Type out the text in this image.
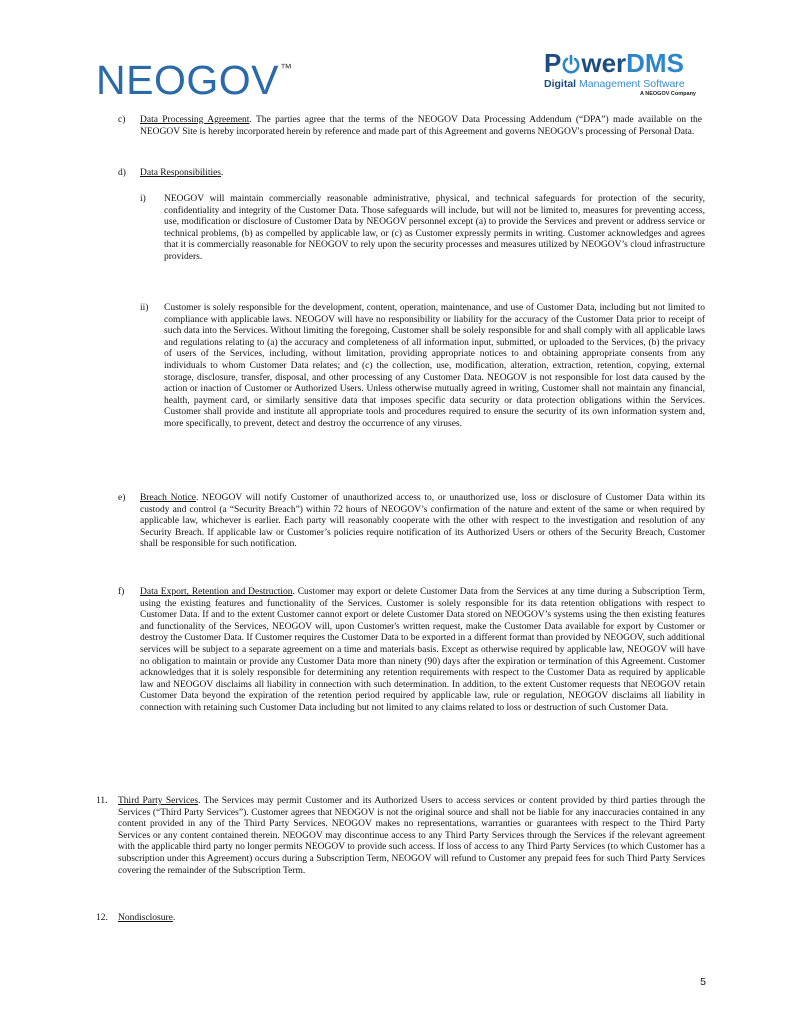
NEOGOV™	P werDMS
Digital Management Software
A NEOGOV Company
c) Data Processing Agreement. The parties agree that the terms of the NEOGOV Data Processing Addendum (“DPA”) made available on the NEOGOV Site is hereby incorporated herein by reference and made part of this Agreement and governs NEOGOV's processing of Personal Data.
d) Data Responsibilities.
i) NEOGOV will maintain commercially reasonable administrative, physical, and technical safeguards for protection of the security, confidentiality and integrity of the Customer Data. Those safeguards will include, but will not be limited to, measures for preventing access, use, modification or disclosure of Customer Data by NEOGOV personnel except (a) to provide the Services and prevent or address service or technical problems, (b) as compelled by applicable law, or (c) as Customer expressly permits in writing. Customer acknowledges and agrees that it is commercially reasonable for NEOGOV to rely upon the security processes and measures utilized by NEOGOV’s cloud infrastructure providers.
ii) Customer is solely responsible for the development, content, operation, maintenance, and use of Customer Data, including but not limited to compliance with applicable laws. NEOGOV will have no responsibility or liability for the accuracy of the Customer Data prior to receipt of such data into the Services. Without limiting the foregoing, Customer shall be solely responsible for and shall comply with all applicable laws and regulations relating to (a) the accuracy and completeness of all information input, submitted, or uploaded to the Services, (b) the privacy of users of the Services, including, without limitation, providing appropriate notices to and obtaining appropriate consents from any individuals to whom Customer Data relates; and (c) the collection, use, modification, alteration, extraction, retention, copying, external storage, disclosure, transfer, disposal, and other processing of any Customer Data. NEOGOV is not responsible for lost data caused by the action or inaction of Customer or Authorized Users. Unless otherwise mutually agreed in writing, Customer shall not maintain any financial, health, payment card, or similarly sensitive data that imposes specific data security or data protection obligations within the Services. Customer shall provide and institute all appropriate tools and procedures required to ensure the security of its own information system and, more specifically, to prevent, detect and destroy the occurrence of any viruses.
e) Breach Notice. NEOGOV will notify Customer of unauthorized access to, or unauthorized use, loss or disclosure of Customer Data within its custody and control (a “Security Breach”) within 72 hours of NEOGOV’s confirmation of the nature and extent of the same or when required by applicable law, whichever is earlier. Each party will reasonably cooperate with the other with respect to the investigation and resolution of any Security Breach. If applicable law or Customer’s policies require notification of its Authorized Users or others of the Security Breach, Customer shall be responsible for such notification.
f) Data Export, Retention and Destruction. Customer may export or delete Customer Data from the Services at any time during a Subscription Term, using the existing features and functionality of the Services. Customer is solely responsible for its data retention obligations with respect to Customer Data. If and to the extent Customer cannot export or delete Customer Data stored on NEOGOV’s systems using the then existing features and functionality of the Services, NEOGOV will, upon Customer's written request, make the Customer Data available for export by Customer or destroy the Customer Data. If Customer requires the Customer Data to be exported in a different format than provided by NEOGOV, such additional services will be subject to a separate agreement on a time and materials basis. Except as otherwise required by applicable law, NEOGOV will have no obligation to maintain or provide any Customer Data more than ninety (90) days after the expiration or termination of this Agreement. Customer acknowledges that it is solely responsible for determining any retention requirements with respect to the Customer Data as required by applicable law and NEOGOV disclaims all liability in connection with such determination. In addition, to the extent Customer requests that NEOGOV retain Customer Data beyond the expiration of the retention period required by applicable law, rule or regulation, NEOGOV disclaims all liability in connection with retaining such Customer Data including but not limited to any claims related to loss or destruction of such Customer Data.
11. Third Party Services. The Services may permit Customer and its Authorized Users to access services or content provided by third parties through the Services (“Third Party Services”). Customer agrees that NEOGOV is not the original source and shall not be liable for any inaccuracies contained in any content provided in any of the Third Party Services. NEOGOV makes no representations, warranties or guarantees with respect to the Third Party Services or any content contained therein. NEOGOV may discontinue access to any Third Party Services through the Services if the relevant agreement with the applicable third party no longer permits NEOGOV to provide such access. If loss of access to any Third Party Services (to which Customer has a subscription under this Agreement) occurs during a Subscription Term, NEOGOV will refund to Customer any prepaid fees for such Third Party Services covering the remainder of the Subscription Term.
12. Nondisclosure.
5
